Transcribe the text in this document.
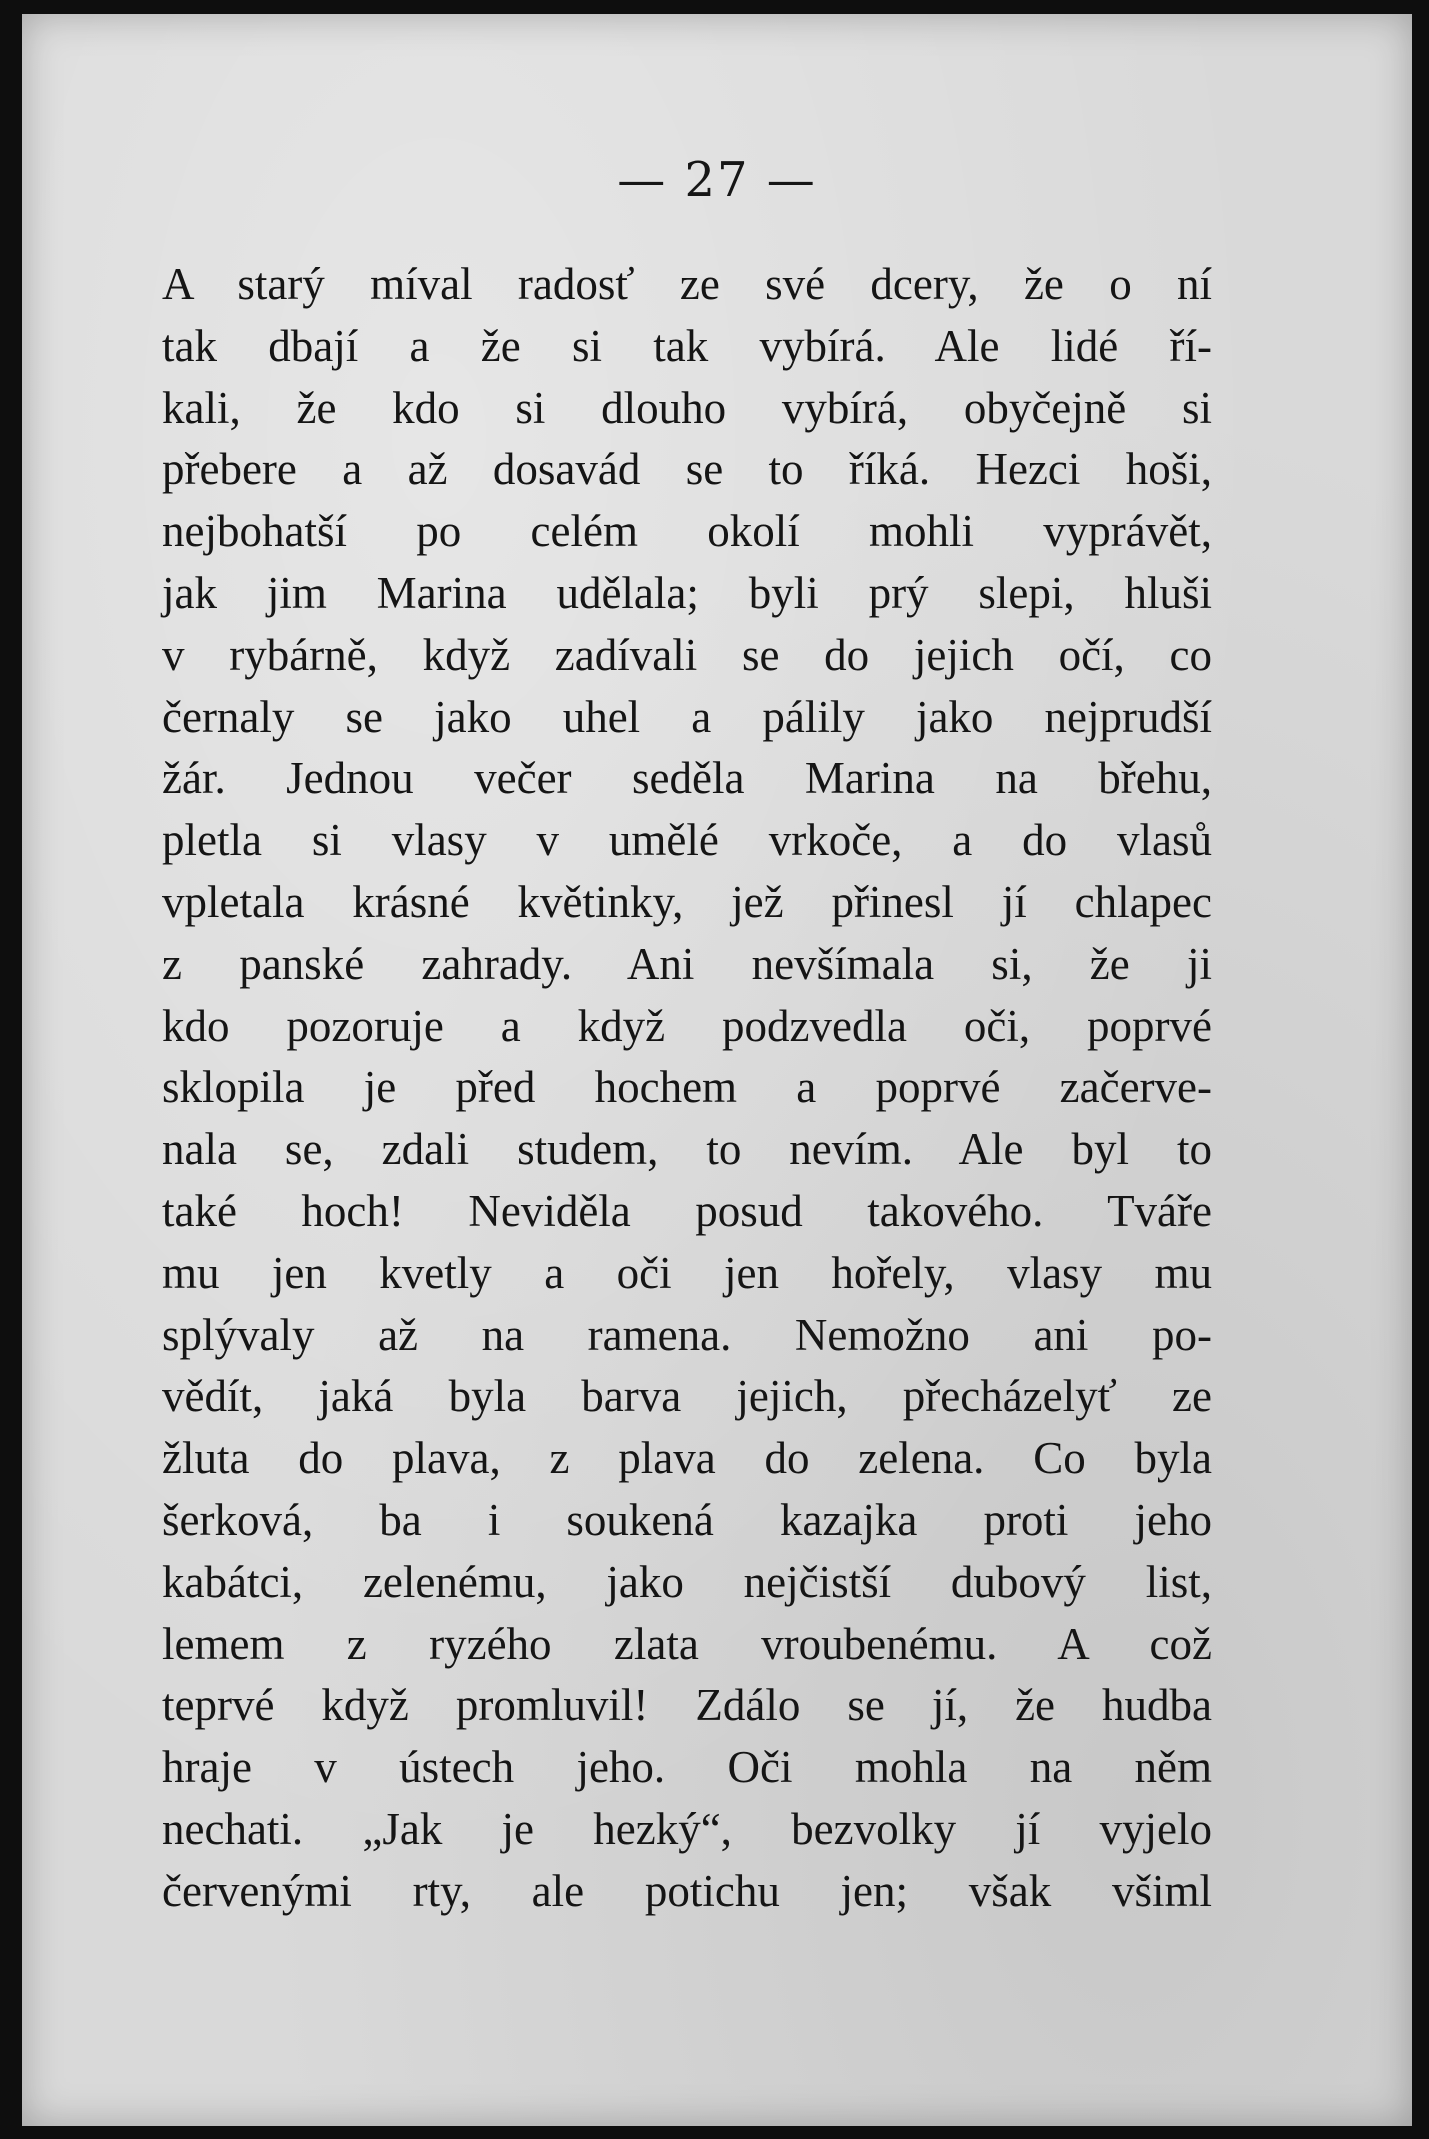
— 27 —
A starý míval radosť ze své dcery, že o ní
tak dbají a že si tak vybírá. Ale lidé ří-
kali, že kdo si dlouho vybírá, obyčejně si
přebere a až dosavád se to říká. Hezci hoši,
nejbohatší po celém okolí mohli vyprávět,
jak jim Marina udělala; byli prý slepi, hluši
v rybárně, když zadívali se do jejich očí, co
černaly se jako uhel a pálily jako nejprudší
žár. Jednou večer seděla Marina na břehu,
pletla si vlasy v umělé vrkoče, a do vlasů
vpletala krásné květinky, jež přinesl jí chlapec
z panské zahrady. Ani nevšímala si, že ji
kdo pozoruje a když podzvedla oči, poprvé
sklopila je před hochem a poprvé začerve-
nala se, zdali studem, to nevím. Ale byl to
také hoch! Neviděla posud takového. Tváře
mu jen kvetly a oči jen hořely, vlasy mu
splývaly až na ramena. Nemožno ani po-
vědít, jaká byla barva jejich, přecházelyť ze
žluta do plava, z plava do zelena. Co byla
šerková, ba i soukená kazajka proti jeho
kabátci, zelenému, jako nejčistší dubový list,
lemem z ryzého zlata vroubenému. A což
teprvé když promluvil! Zdálo se jí, že hudba
hraje v ústech jeho. Oči mohla na něm
nechati. „Jak je hezký“, bezvolky jí vyjelo
červenými rty, ale potichu jen; však všiml
